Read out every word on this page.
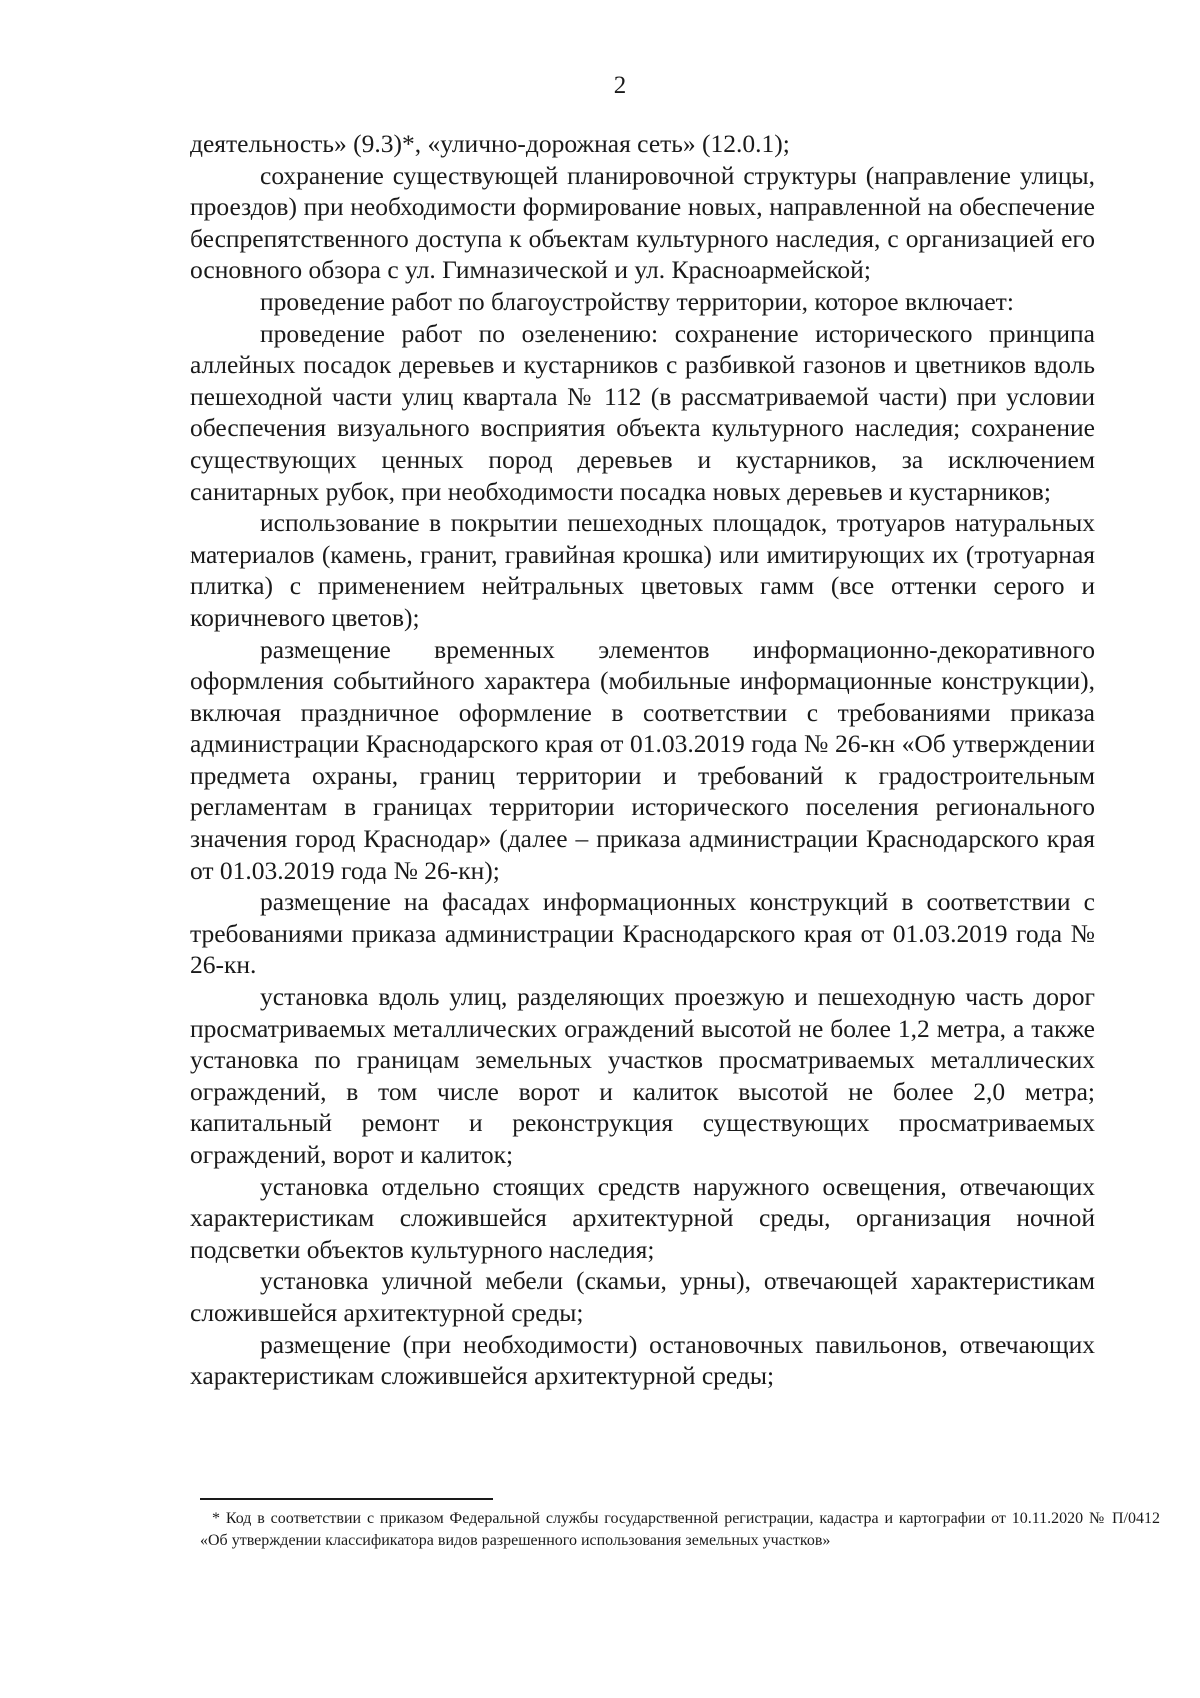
2

деятельность» (9.3)*, «улично-дорожная сеть» (12.0.1);

сохранение существующей планировочной структуры (направление улицы, проездов) при необходимости формирование новых, направленной на обеспечение беспрепятственного доступа к объектам культурного наследия, с организацией его основного обзора с ул. Гимназической и ул. Красноармейской;

проведение работ по благоустройству территории, которое включает:

проведение работ по озеленению: сохранение исторического принципа аллейных посадок деревьев и кустарников с разбивкой газонов и цветников вдоль пешеходной части улиц квартала № 112 (в рассматриваемой части) при условии обеспечения визуального восприятия объекта культурного наследия; сохранение существующих ценных пород деревьев и кустарников, за исключением санитарных рубок, при необходимости посадка новых деревьев и кустарников;

использование в покрытии пешеходных площадок, тротуаров натуральных материалов (камень, гранит, гравийная крошка) или имитирующих их (тротуарная плитка) с применением нейтральных цветовых гамм (все оттенки серого и коричневого цветов);

размещение временных элементов информационно-декоративного оформления событийного характера (мобильные информационные конструкции), включая праздничное оформление в соответствии с требованиями приказа администрации Краснодарского края от 01.03.2019 года № 26-кн «Об утверждении предмета охраны, границ территории и требований к градостроительным регламентам в границах территории исторического поселения регионального значения город Краснодар» (далее – приказа администрации Краснодарского края от 01.03.2019 года № 26-кн);

размещение на фасадах информационных конструкций в соответствии с требованиями приказа администрации Краснодарского края от 01.03.2019 года № 26-кн.

установка вдоль улиц, разделяющих проезжую и пешеходную часть дорог просматриваемых металлических ограждений высотой не более 1,2 метра, а также установка по границам земельных участков просматриваемых металлических ограждений, в том числе ворот и калиток высотой не более 2,0 метра; капитальный ремонт и реконструкция существующих просматриваемых ограждений, ворот и калиток;

установка отдельно стоящих средств наружного освещения, отвечающих характеристикам сложившейся архитектурной среды, организация ночной подсветки объектов культурного наследия;

установка уличной мебели (скамьи, урны), отвечающей характеристикам сложившейся архитектурной среды;

размещение (при необходимости) остановочных павильонов, отвечающих характеристикам сложившейся архитектурной среды;

* Код в соответствии с приказом Федеральной службы государственной регистрации, кадастра и картографии от 10.11.2020 № П/0412 «Об утверждении классификатора видов разрешенного использования земельных участков»
